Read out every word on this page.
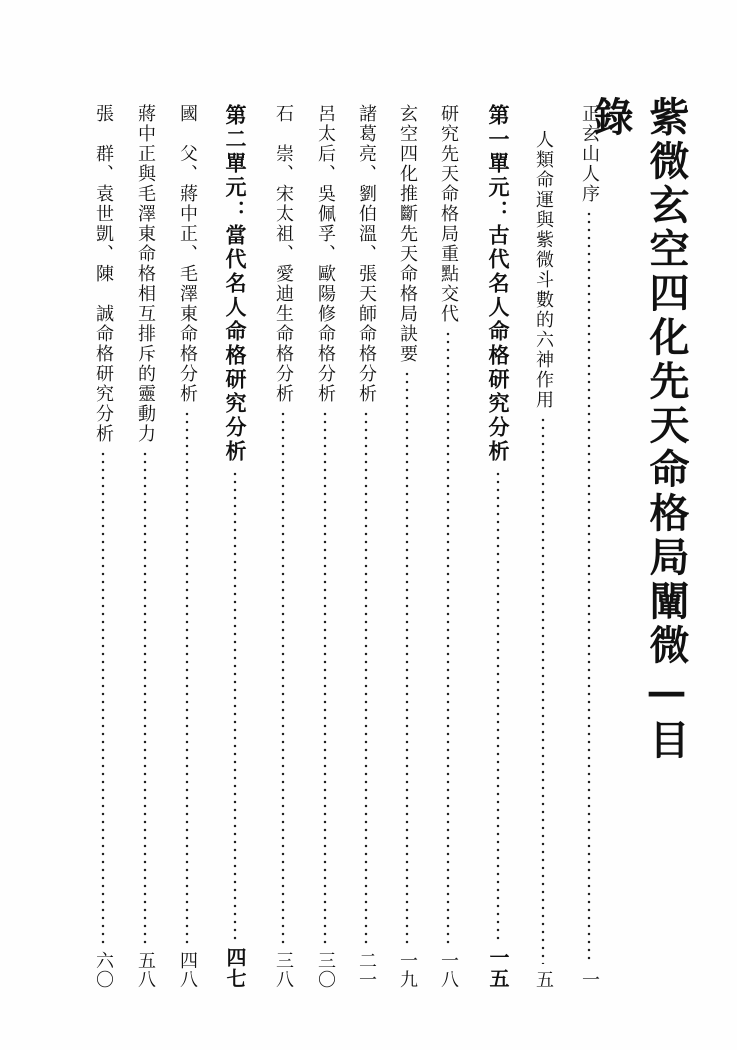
紫微玄空四化先天命格局闡微—目錄
正玄山人序
一
人類命運與紫微斗數的六神作用
五
第一單元：古代名人命格研究分析
一五
研究先天命格局重點交代
一八
玄空四化推斷先天命格局訣要
一九
諸葛亮、劉伯溫、張天師命格分析
二一
呂太后、吳佩孚、歐陽修命格分析
三〇
石　崇、宋太祖、愛迪生命格分析
三八
第二單元：當代名人命格研究分析
四七
國　父、蔣中正、毛澤東命格分析
四八
蔣中正與毛澤東命格相互排斥的靈動力
五八
張　群、袁世凱、陳　誠命格研究分析
六〇
